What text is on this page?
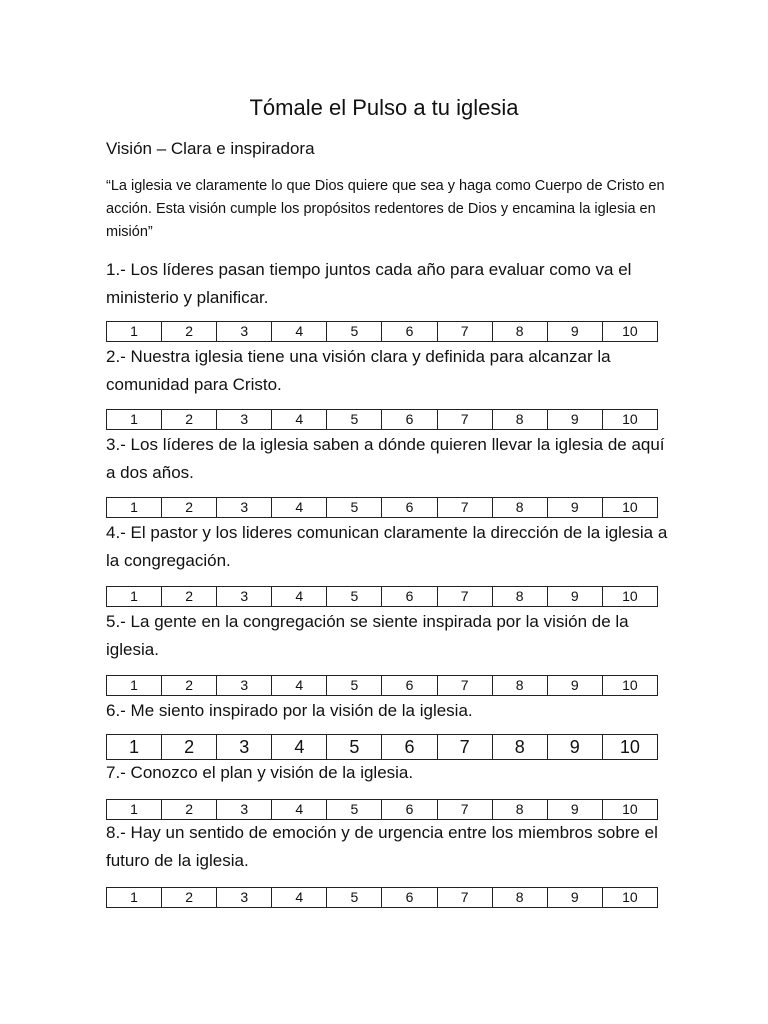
Tómale el Pulso a tu iglesia
Visión – Clara e inspiradora
“La iglesia ve claramente lo que Dios quiere que sea y haga como Cuerpo de Cristo en acción. Esta visión cumple los propósitos redentores de Dios y encamina la iglesia en misión”
1.- Los líderes pasan tiempo juntos cada año para evaluar como va el ministerio y planificar.
1	2	3	4	5	6	7	8	9	10
2.- Nuestra iglesia tiene una visión clara y definida para alcanzar la comunidad para Cristo.
1	2	3	4	5	6	7	8	9	10
3.- Los líderes de la iglesia saben a dónde quieren llevar la iglesia de aquí a dos años.
1	2	3	4	5	6	7	8	9	10
4.- El pastor y los lideres comunican claramente la dirección de la iglesia a la congregación.
1	2	3	4	5	6	7	8	9	10
5.- La gente en la congregación se siente inspirada por la visión de la iglesia.
1	2	3	4	5	6	7	8	9	10
6.- Me siento inspirado por la visión de la iglesia.
1	2	3	4	5	6	7	8	9	10
7.- Conozco el plan y visión de la iglesia.
1	2	3	4	5	6	7	8	9	10
8.- Hay un sentido de emoción y de urgencia entre los miembros sobre el futuro de la iglesia.
1	2	3	4	5	6	7	8	9	10
